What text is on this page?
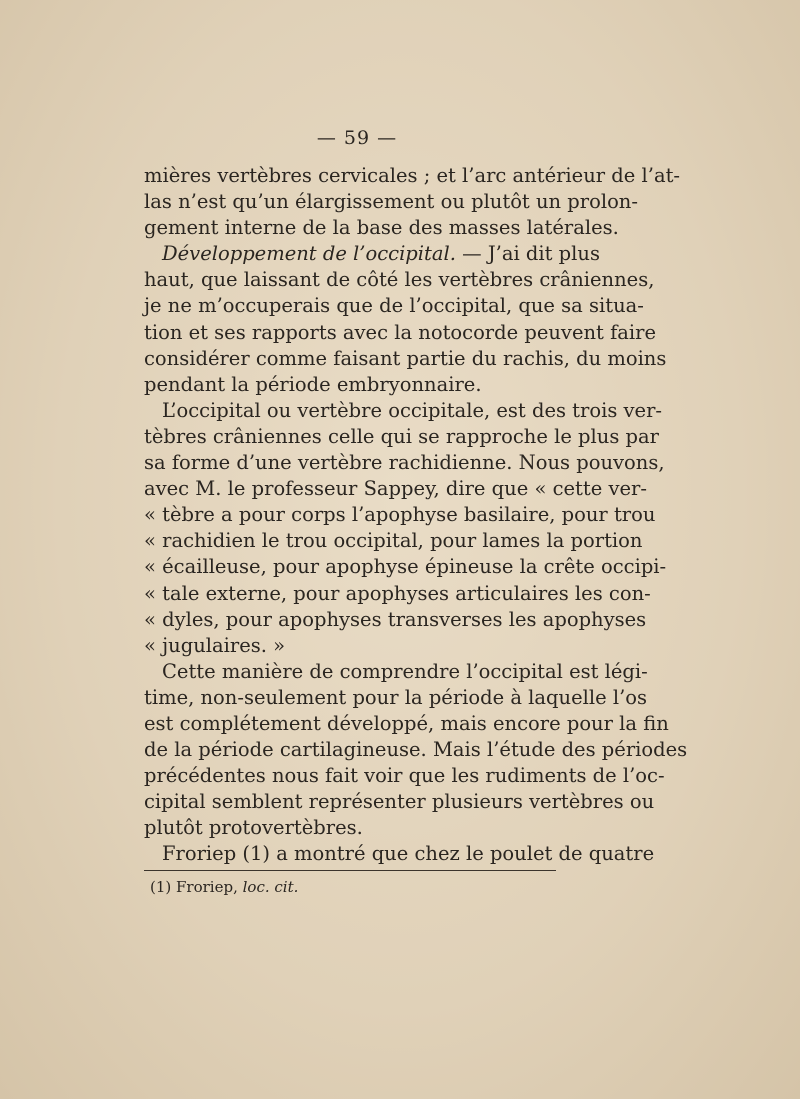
— 59 —
mières vertèbres cervicales ; et l’arc antérieur de l’at-
las n’est qu’un élargissement ou plutôt un prolon-
gement interne de la base des masses latérales.
Développement de l’occipital. — J’ai dit plus
haut, que laissant de côté les vertèbres crâniennes,
je ne m’occuperais que de l’occipital, que sa situa-
tion et ses rapports avec la notocorde peuvent faire
considérer comme faisant partie du rachis, du moins
pendant la période embryonnaire.
L’occipital ou vertèbre occipitale, est des trois ver-
tèbres crâniennes celle qui se rapproche le plus par
sa forme d’une vertèbre rachidienne. Nous pouvons,
avec M. le professeur Sappey, dire que « cette ver-
« tèbre a pour corps l’apophyse basilaire, pour trou
« rachidien le trou occipital, pour lames la portion
« écailleuse, pour apophyse épineuse la crête occipi-
« tale externe, pour apophyses articulaires les con-
« dyles, pour apophyses transverses les apophyses
« jugulaires. »
Cette manière de comprendre l’occipital est légi-
time, non-seulement pour la période à laquelle l’os
est complétement développé, mais encore pour la fin
de la période cartilagineuse. Mais l’étude des périodes
précédentes nous fait voir que les rudiments de l’oc-
cipital semblent représenter plusieurs vertèbres ou
plutôt protovertèbres.
Froriep (1) a montré que chez le poulet de quatre
(1) Froriep, loc. cit.
